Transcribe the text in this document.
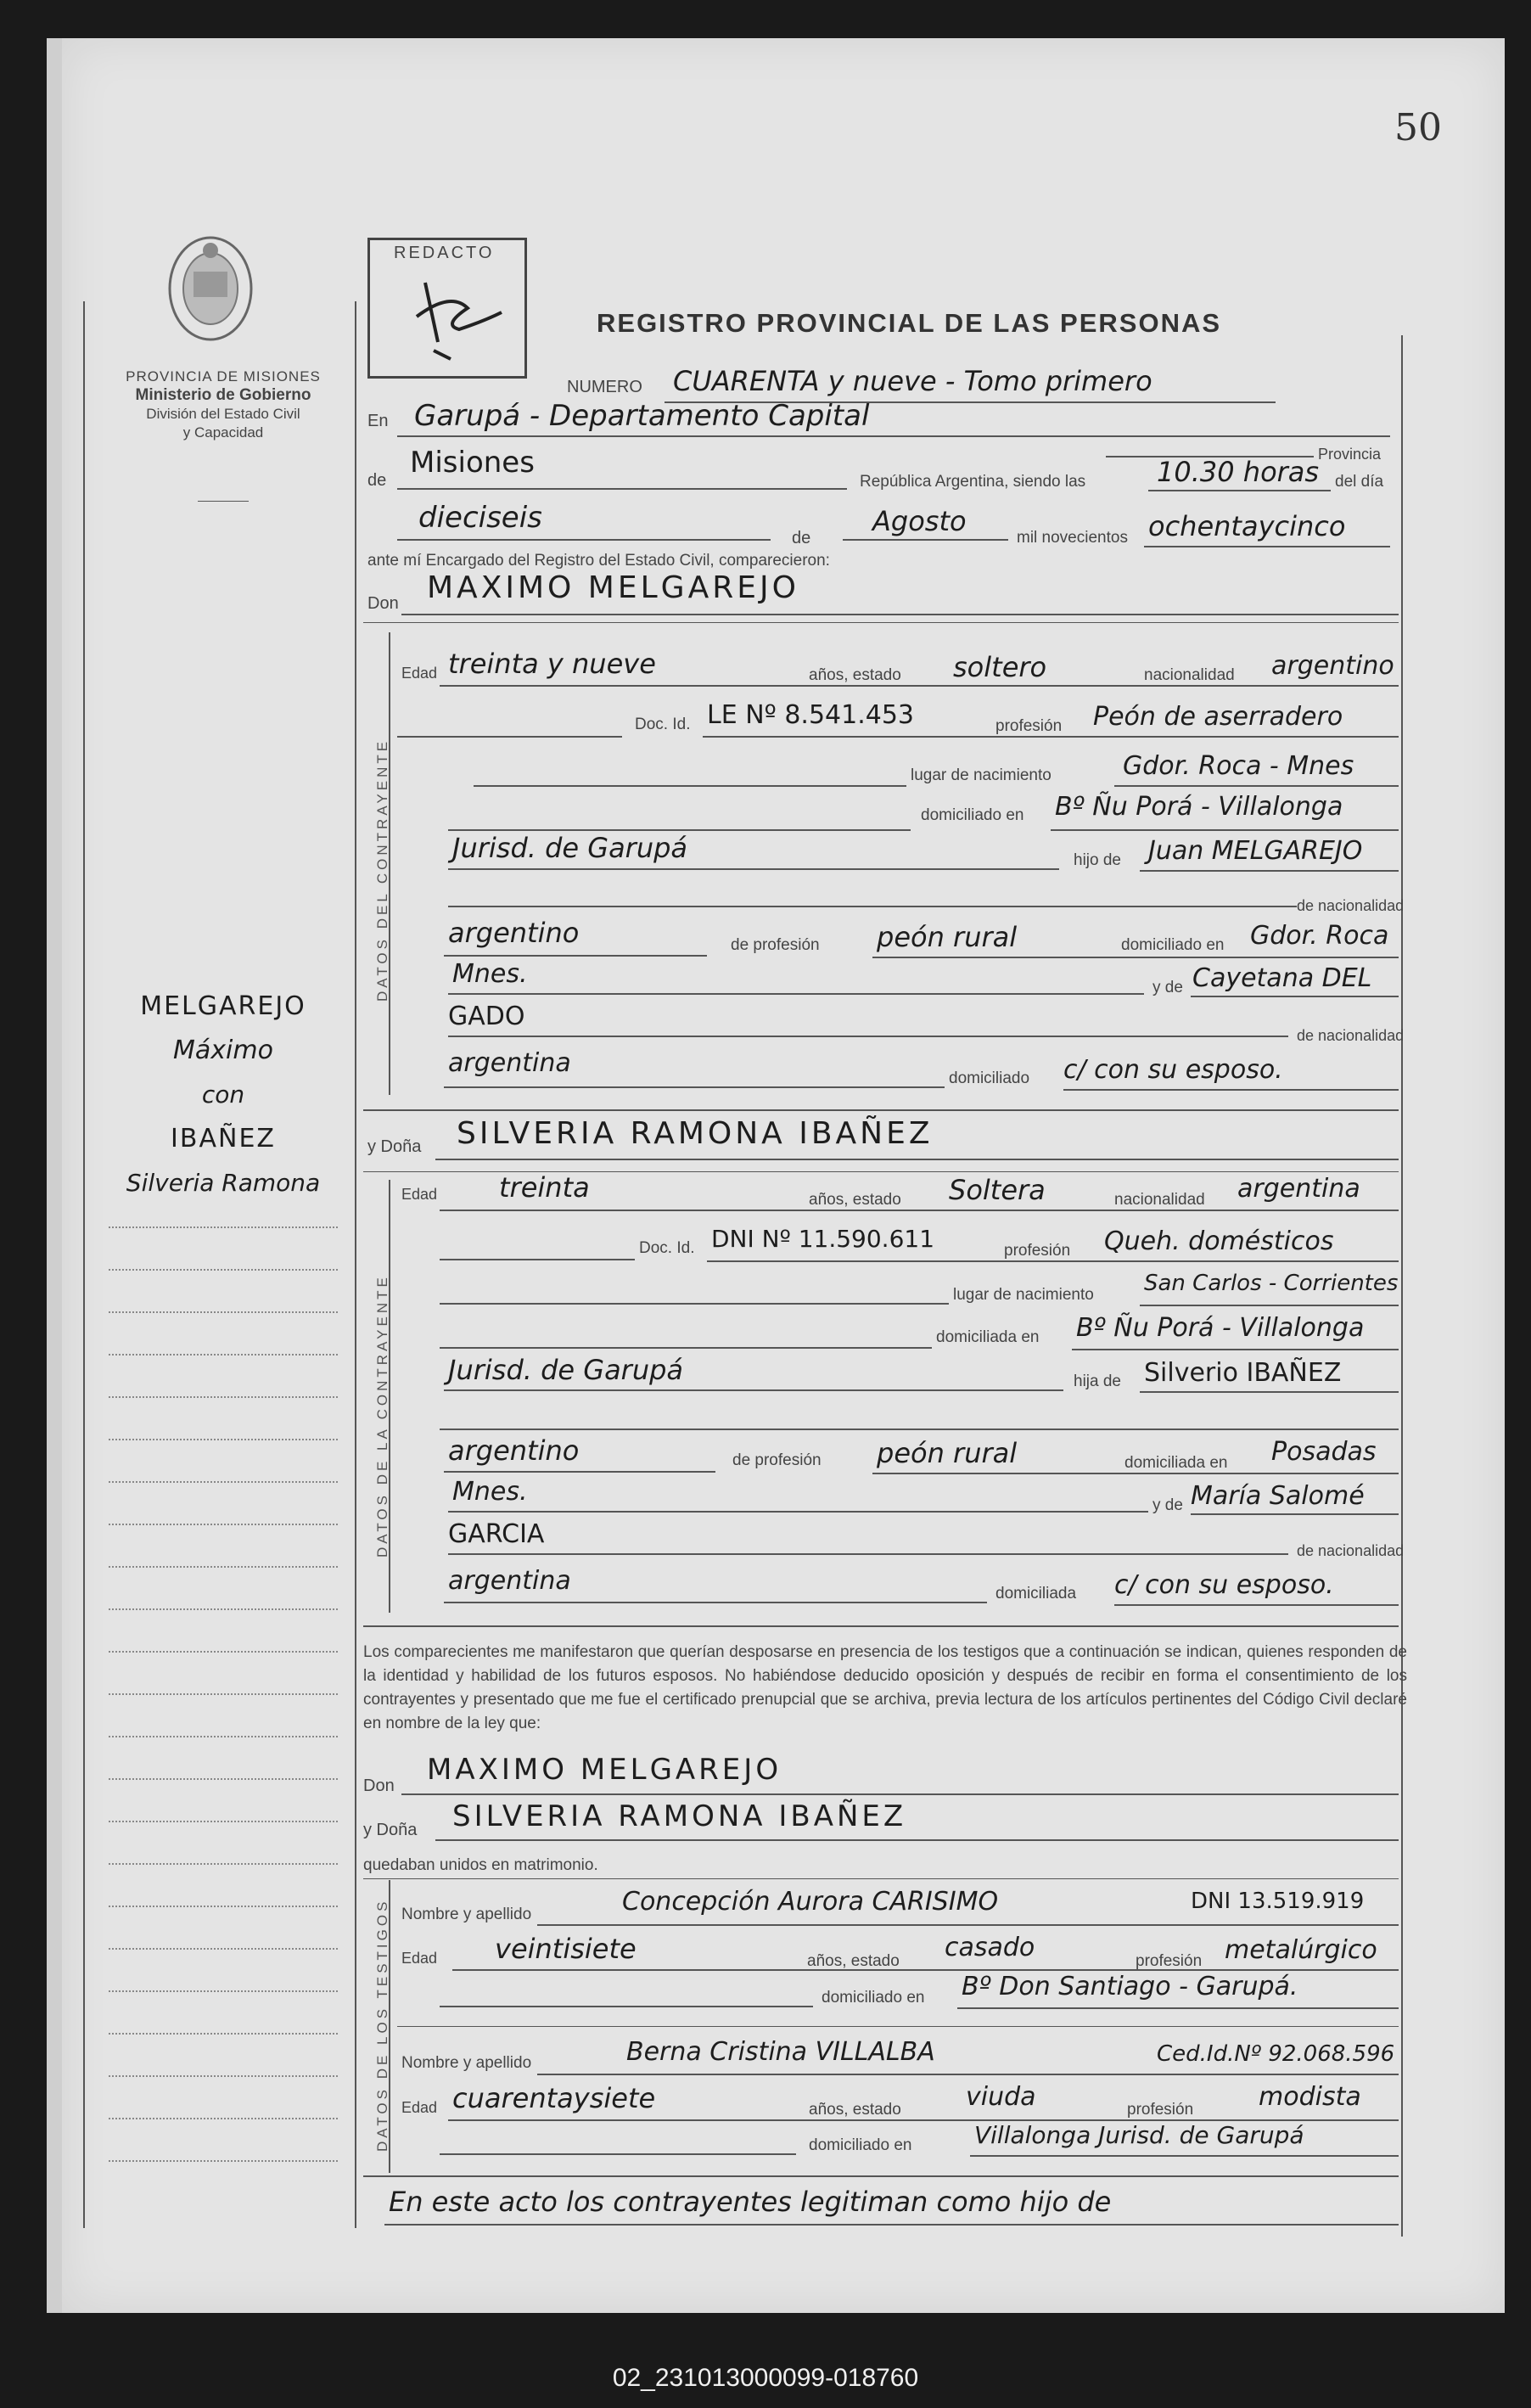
50
PROVINCIA DE MISIONES
Ministerio de Gobierno
División del Estado Civil
y Capacidad
REDACTO
REGISTRO PROVINCIAL DE LAS PERSONAS
MELGAREJO
Máximo
con
IBAÑEZ
Silveria Ramona
NUMERO CUARENTA y nueve - Tomo primero
En Garupá - Departamento Capital
Provincia
de
Misiones
República Argentina, siendo las	10.30 horas del día
dieciseis
de
Agosto
mil novecientos ochentaycinco
ante mí Encargado del Registro del Estado Civil, comparecieron:
Don MAXIMO MELGAREJO
DATOS DEL CONTRAYENTE
Edad treinta y nueve	años, estado soltero	nacionalidad argentino
Doc. Id. LE Nº 8.541.453	profesión Peón de aserradero
lugar de nacimiento	Gdor. Roca - Mnes
domiciliado en Bº Ñu Porá - Villalonga
Jurisd. de Garupá	hijo de Juan MELGAREJO
de nacionalidad
argentino	de profesión peón rural	domiciliado en Gdor. Roca
Mnes.	y de Cayetana DEL
GADO
de nacionalidad
argentina
domiciliado c/ con su esposo.
y Doña SILVERIA RAMONA IBAÑEZ
DATOS DE LA CONTRAYENTE
Edad treinta	años, estado Soltera	nacionalidad argentina
Doc. Id. DNI Nº 11.590.611	profesión Queh. domésticos
lugar de nacimiento San Carlos - Corrientes
domiciliada en Bº Ñu Porá - Villalonga
Jurisd. de Garupá	hija de Silverio IBAÑEZ
argentino	de profesión peón rural	domiciliada en Posadas
Mnes.	y de María Salomé
GARCIA
de nacionalidad
argentina	domiciliada c/ con su esposo.
Los comparecientes me manifestaron que querían desposarse en presencia de los testigos que a continuación se indican, quienes responden de la identidad y habilidad de los futuros esposos. No habiéndose deducido oposición y después de recibir en forma el consentimiento de los contrayentes y presentado que me fue el certificado prenupcial que se archiva, previa lectura de los artículos pertinentes del Código Civil declaré en nombre de la ley que:
Don MAXIMO MELGAREJO
y Doña SILVERIA RAMONA IBAÑEZ
quedaban unidos en matrimonio.
DATOS DE LOS TESTIGOS Nombre y apellido	Concepción Aurora CARISIMO	DNI 13.519.919
Edad veintisiete	años, estado casado	profesión metalúrgico
domiciliado en Bº Don Santiago - Garupá.
Nombre y apellido	Berna Cristina VILLALBA	Ced.Id.Nº 92.068.596
Edad cuarentaysiete	años, estado	viuda	profesión	modista
domiciliado en	Villalonga Jurisd. de Garupá
En este acto los contrayentes legitiman como hijo de
02_231013000099-018760
